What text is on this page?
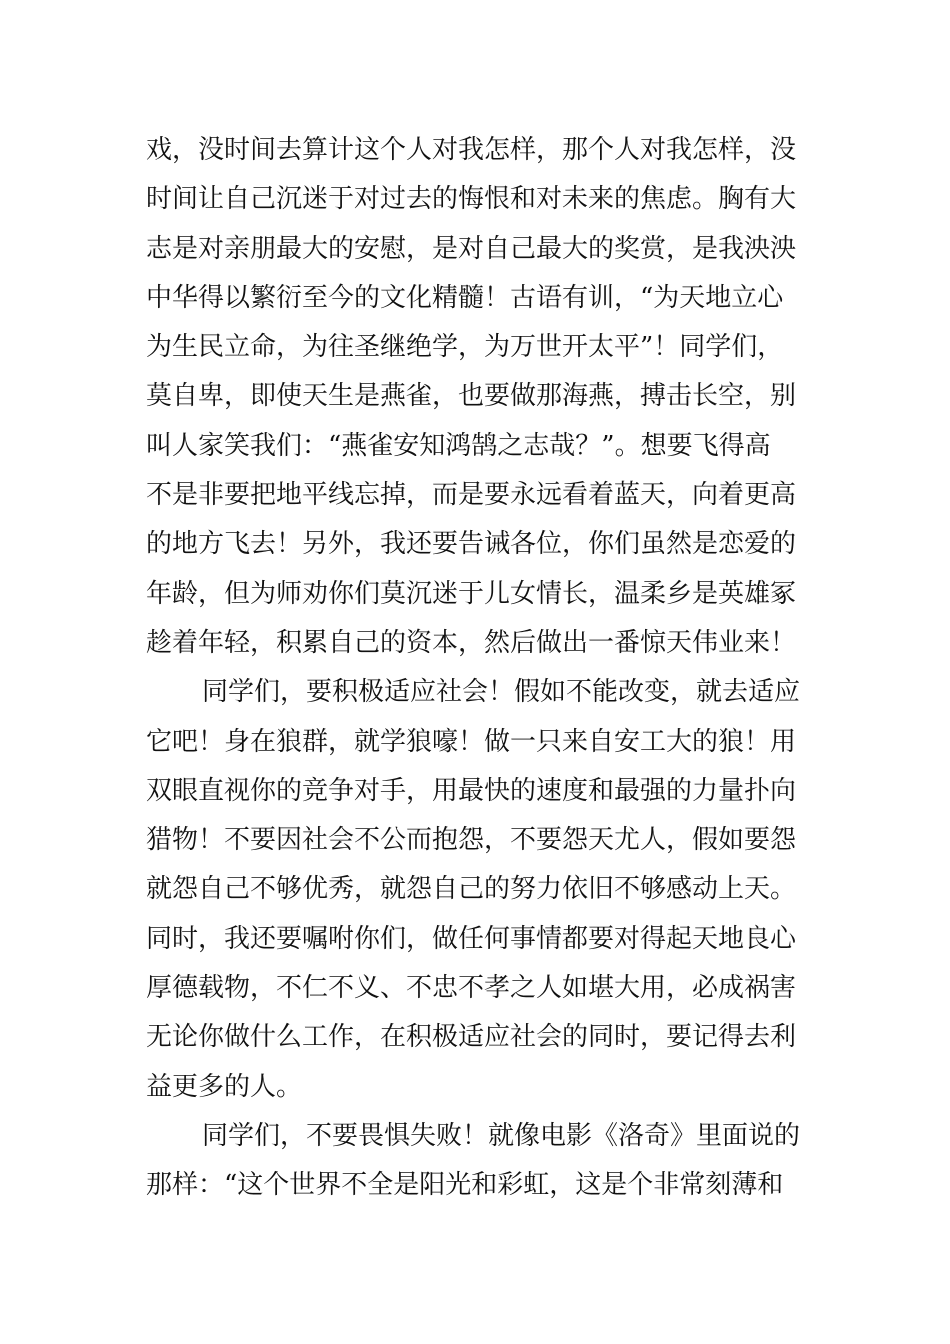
戏，没时间去算计这个人对我怎样，那个人对我怎样，没
时间让自己沉迷于对过去的悔恨和对未来的焦虑。胸有大
志是对亲朋最大的安慰，是对自己最大的奖赏，是我泱泱
中华得以繁衍至今的文化精髓！古语有训，“为天地立心
为生民立命，为往圣继绝学，为万世开太平”！同学们，
莫自卑，即使天生是燕雀，也要做那海燕，搏击长空，别
叫人家笑我们：“燕雀安知鸿鹄之志哉？”。想要飞得高
不是非要把地平线忘掉，而是要永远看着蓝天，向着更高
的地方飞去！另外，我还要告诫各位，你们虽然是恋爱的
年龄，但为师劝你们莫沉迷于儿女情长，温柔乡是英雄冢
趁着年轻，积累自己的资本，然后做出一番惊天伟业来！
同学们，要积极适应社会！假如不能改变，就去适应
它吧！身在狼群，就学狼嚎！做一只来自安工大的狼！用
双眼直视你的竞争对手，用最快的速度和最强的力量扑向
猎物！不要因社会不公而抱怨，不要怨天尤人，假如要怨
就怨自己不够优秀，就怨自己的努力依旧不够感动上天。
同时，我还要嘱咐你们，做任何事情都要对得起天地良心
厚德载物，不仁不义、不忠不孝之人如堪大用，必成祸害
无论你做什么工作，在积极适应社会的同时，要记得去利
益更多的人。
同学们，不要畏惧失败！就像电影《洛奇》里面说的
那样：“这个世界不全是阳光和彩虹，这是个非常刻薄和
